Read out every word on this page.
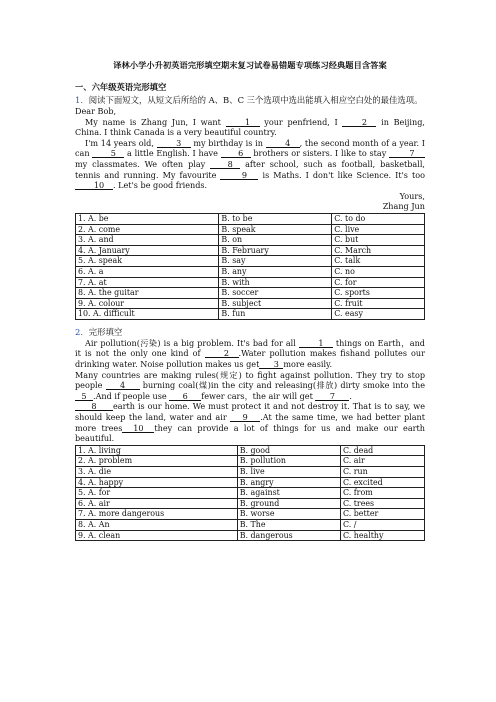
译林小学小升初英语完形填空期末复习试卷易错题专项练习经典题目含答案
一、六年级英语完形填空
1．阅读下面短文，从短文后所给的 A、B、C 三个选项中选出能填入相应空白处的最佳选项。
Dear Bob,
My name is Zhang Jun, I want 1 your penfriend, I 2 in Beijing, China. I think Canada is a very beautiful country.
I'm 14 years old, 3 my birthday is in 4 , the second month of a year. I can 5 a little English. I have 6 brothers or sisters. I like to stay	7 my classmates. We often play 8 after school, such as football, basketball, tennis and running. My favourite	9 is Maths. I don't like Science. It's too 10 . Let's be good friends.
Yours,
Zhang Jun
1. A. be	B. to be	C. to do
2. A. come	B. speak	C. live
3. A. and	B. on	C. but
4. A. January	B. February	C. March
5. A. speak	B. say	C. talk
6. A. a	B. any	C. no
7. A. at	B. with	C. for
8. A. the guitar	B. soccer	C. sports
9. A. colour	B. subject	C. fruit
10. A. difficult	B. fun	C. easy
2．完形填空
Air pollution(污染) is a big problem. It's bad for all 1 things on Earth，and it is not the only one kind of 2 .Water pollution makes fishand pollutes our drinking water. Noise pollution makes us get 3 more easily.
Many countries are making rules(规定) to fight against pollution. They try to stop people 4 burning coal(煤)in the city and releasing(排放) dirty smoke into the 5 .And if people use 6 fewer cars，the air will get 7 .
8 earth is our home. We must protect it and not destroy it. That is to say, we should keep the land, water and air 9 .At the same time, we had better plant more trees 10 they can provide a lot of things for us and make our earth beautiful.
1. A. living	B. good	C. dead
2. A. problem	B. pollution	C. air
3. A. die	B. live	C. run
4. A. happy	B. angry	C. excited
5. A. for	B. against	C. from
6. A. air	B. ground	C. trees
7. A. more dangerous	B. worse	C. better
8. A. An	B. The	C. /
9. A. clean	B. dangerous	C. healthy
